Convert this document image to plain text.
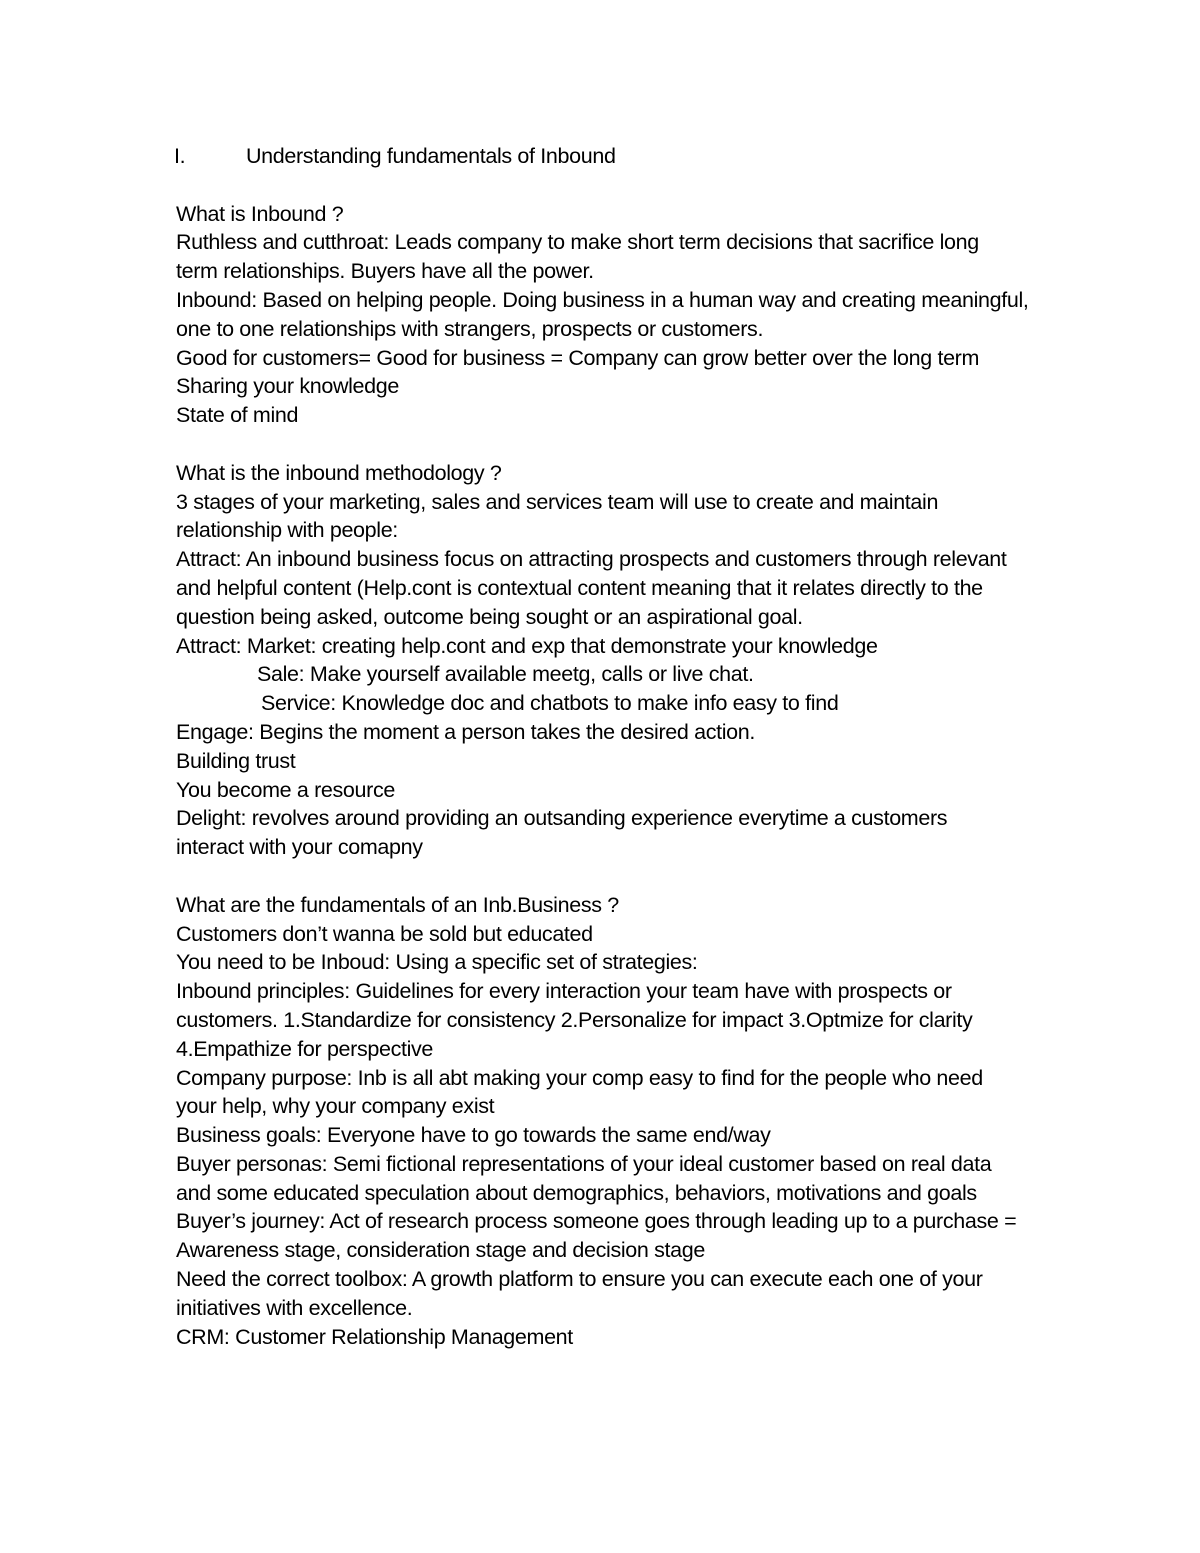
I.	Understanding fundamentals of Inbound
What is Inbound ?
Ruthless and cutthroat: Leads company to make short term decisions that sacrifice long
term relationships. Buyers have all the power.
Inbound: Based on helping people. Doing business in a human way and creating meaningful,
one to one relationships with strangers, prospects or customers.
Good for customers= Good for business = Company can grow better over the long term
Sharing your knowledge
State of mind
What is the inbound methodology ?
3 stages of your marketing, sales and services team will use to create and maintain
relationship with people:
Attract: An inbound business focus on attracting prospects and customers through relevant
and helpful content (Help.cont is contextual content meaning that it relates directly to the
question being asked, outcome being sought or an aspirational goal.
Attract: Market: creating help.cont and exp that demonstrate your knowledge
Sale: Make yourself available meetg, calls or live chat.
Service: Knowledge doc and chatbots to make info easy to find
Engage: Begins the moment a person takes the desired action.
Building trust
You become a resource
Delight: revolves around providing an outsanding experience everytime a customers
interact with your comapny
What are the fundamentals of an Inb.Business ?
Customers don’t wanna be sold but educated
You need to be Inboud: Using a specific set of strategies:
Inbound principles: Guidelines for every interaction your team have with prospects or
customers. 1.Standardize for consistency 2.Personalize for impact 3.Optmize for clarity
4.Empathize for perspective
Company purpose: Inb is all abt making your comp easy to find for the people who need
your help, why your company exist
Business goals: Everyone have to go towards the same end/way
Buyer personas: Semi fictional representations of your ideal customer based on real data
and some educated speculation about demographics, behaviors, motivations and goals
Buyer’s journey: Act of research process someone goes through leading up to a purchase =
Awareness stage, consideration stage and decision stage
Need the correct toolbox: A growth platform to ensure you can execute each one of your
initiatives with excellence.
CRM: Customer Relationship Management
